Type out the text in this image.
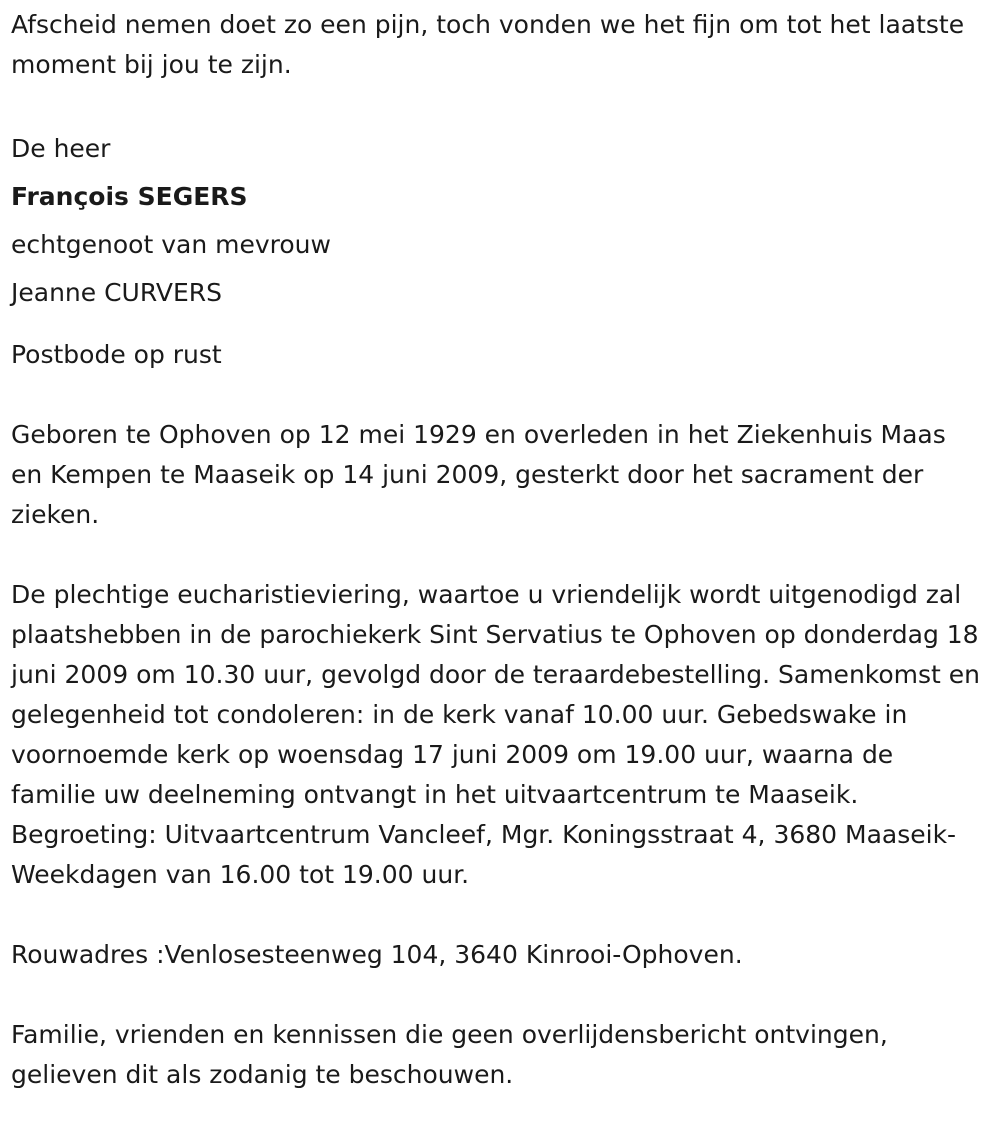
Afscheid nemen doet zo een pijn, toch vonden we het fijn om tot het laatste moment bij jou te zijn.

De heer
François SEGERS
echtgenoot van mevrouw
Jeanne CURVERS

Postbode op rust

Geboren te Ophoven op 12 mei 1929 en overleden in het Ziekenhuis Maas en Kempen te Maaseik op 14 juni 2009, gesterkt door het sacrament der zieken.

De plechtige eucharistieviering, waartoe u vriendelijk wordt uitgenodigd zal plaatshebben in de parochiekerk Sint Servatius te Ophoven op donderdag 18 juni 2009 om 10.30 uur, gevolgd door de teraardebestelling. Samenkomst en gelegenheid tot condoleren: in de kerk vanaf 10.00 uur. Gebedswake in voornoemde kerk op woensdag 17 juni 2009 om 19.00 uur, waarna de familie uw deelneming ontvangt in het uitvaartcentrum te Maaseik. Begroeting: Uitvaartcentrum Vancleef, Mgr. Koningsstraat 4, 3680 Maaseik-Weekdagen van 16.00 tot 19.00 uur.

Rouwadres :Venlosesteenweg 104, 3640 Kinrooi-Ophoven.

Familie, vrienden en kennissen die geen overlijdensbericht ontvingen, gelieven dit als zodanig te beschouwen.
